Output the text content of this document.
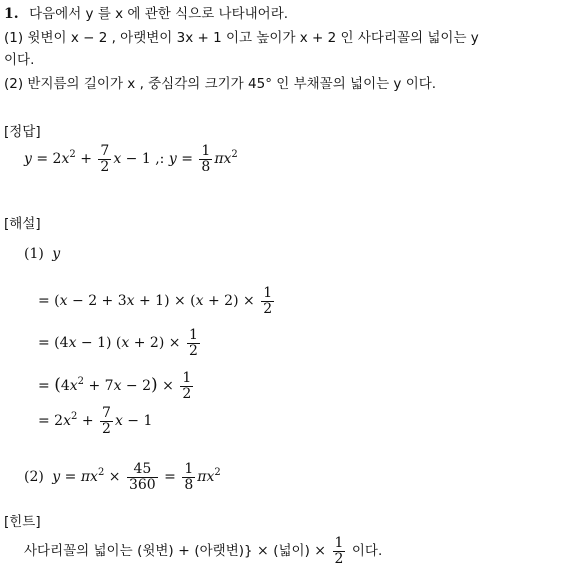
1. 다음에서 y 를 x 에 관한 식으로 나타내어라.
(1) 윗변이 x − 2 , 아랫변이 3x + 1 이고 높이가 x + 2 인 사다리꼴의 넓이는 y
이다.
(2) 반지름의 길이가 x , 중심각의 크기가 45° 인 부채꼴의 넓이는 y 이다.
[정답]
$y = 2x^2 + \frac{7}{2}$ x − 1 ,: $y = \frac{1}{8} \pi x^2$
[해설]
(1) y
= $(x - 2 + 3x + 1) \times (x + 2) \times \frac{1}{2}$
= (4x − 1) $(x + 2) \times \frac{1}{2}$
= $(4x^2 + 7x - 2) \times \frac{1}{2}$
= $2x^2 + \frac{7}{2}$ x − 1
(2) $y = \pi x^2 \times \frac{45}{360} = \frac{1}{8} \pi x^2$
[힌트]
사다리꼴의 넓이는 (윗변) + (아랫변)} × (넓이) × $\frac{1}{2}$ 이다.
